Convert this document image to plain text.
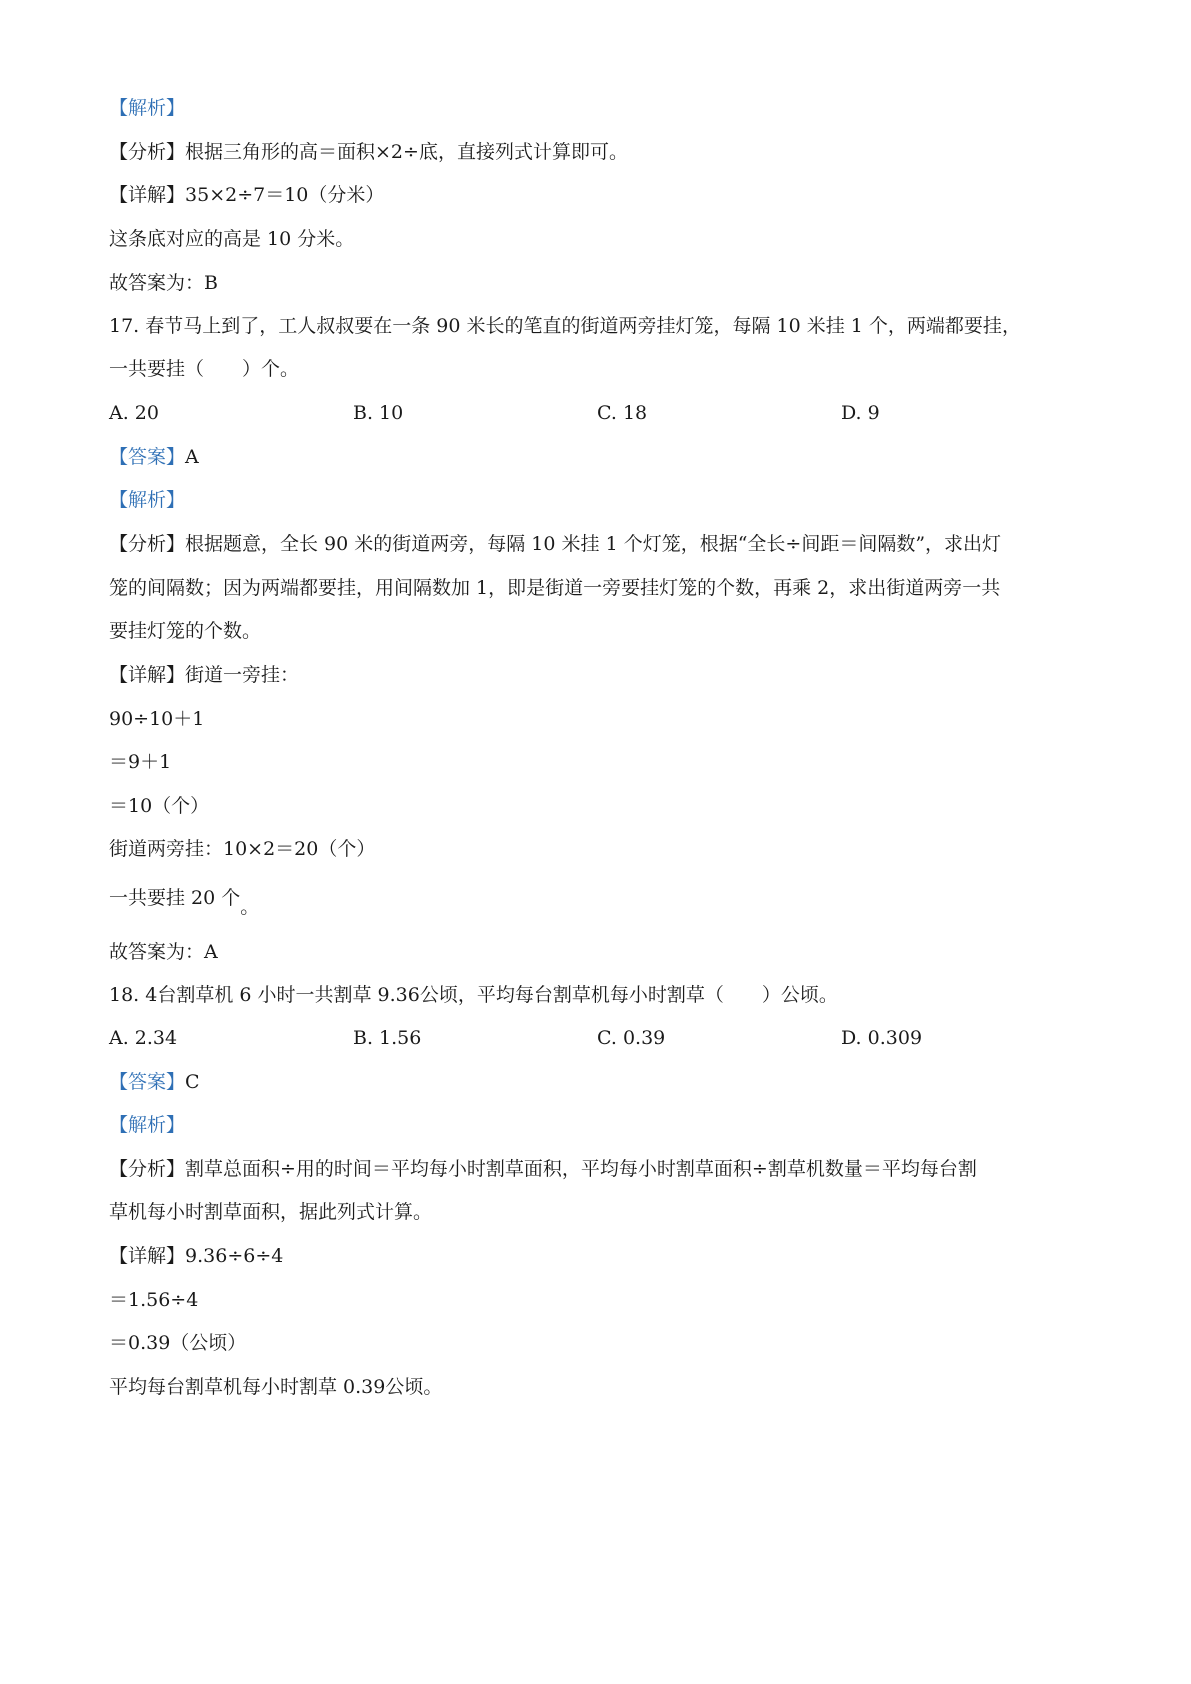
【解析】
【分析】根据三角形的高＝面积×2÷底，直接列式计算即可。
【详解】35×2÷7＝10（分米）
这条底对应的高是 10 分米。
故答案为：B
17. 春节马上到了，工人叔叔要在一条 90 米长的笔直的街道两旁挂灯笼，每隔 10 米挂 1 个，两端都要挂，
一共要挂（　　）个。
A. 20	B. 10	C. 18	D. 9
【答案】A
【解析】
【分析】根据题意，全长 90 米的街道两旁，每隔 10 米挂 1 个灯笼，根据“全长÷间距＝间隔数”，求出灯
笼的间隔数；因为两端都要挂，用间隔数加 1，即是街道一旁要挂灯笼的个数，再乘 2，求出街道两旁一共
要挂灯笼的个数。
【详解】街道一旁挂：
90÷10＋1
＝9＋1
＝10（个）
街道两旁挂：10×2＝20（个）
一共要挂 20 个。
故答案为：A
18. 4台割草机 6 小时一共割草 9.36公顷，平均每台割草机每小时割草（　　）公顷。
A. 2.34	B. 1.56	C. 0.39	D. 0.309
【答案】C
【解析】
【分析】割草总面积÷用的时间＝平均每小时割草面积，平均每小时割草面积÷割草机数量＝平均每台割
草机每小时割草面积，据此列式计算。
【详解】9.36÷6÷4
＝1.56÷4
＝0.39（公顷）
平均每台割草机每小时割草 0.39公顷。
